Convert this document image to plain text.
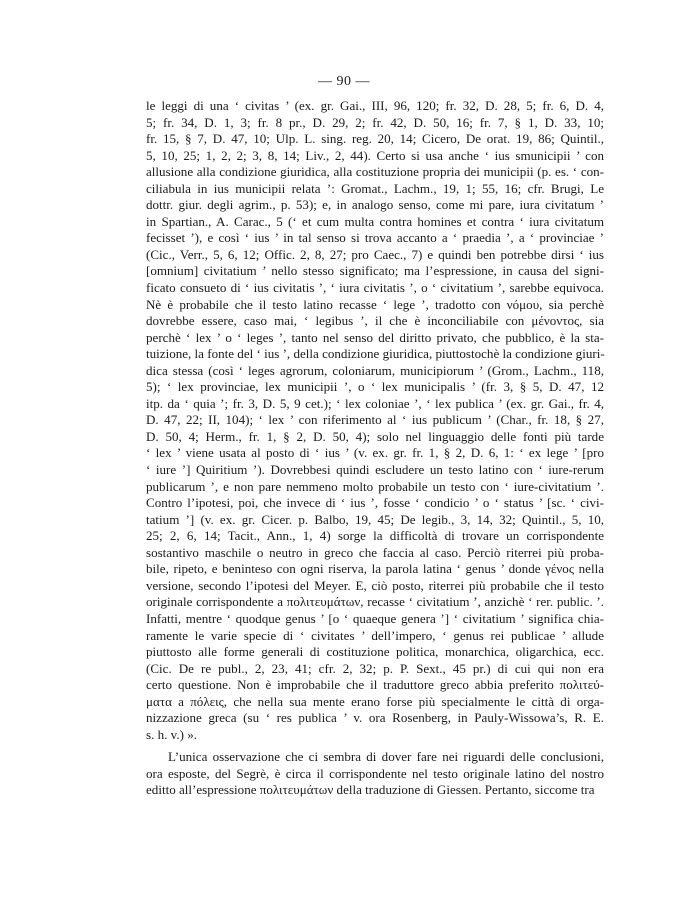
— 90 —
le leggi di una ‘ civitas ’ (ex. gr. Gai., III, 96, 120; fr. 32, D. 28, 5; fr. 6, D. 4,
5; fr. 34, D. 1, 3; fr. 8 pr., D. 29, 2; fr. 42, D. 50, 16; fr. 7, § 1, D. 33, 10;
fr. 15, § 7, D. 47, 10; Ulp. L. sing. reg. 20, 14; Cicero, De orat. 19, 86; Quintil.,
5, 10, 25; 1, 2, 2; 3, 8, 14; Liv., 2, 44). Certo si usa anche ‘ ius smunicipii ’ con
allusione alla condizione giuridica, alla costituzione propria dei municipii (p. es. ‘ con-
ciliabula in ius municipii relata ’: Gromat., Lachm., 19, 1; 55, 16; cfr. Brugi, Le
dottr. giur. degli agrim., p. 53); e, in analogo senso, come mi pare, iura civitatum ’
in Spartian., A. Carac., 5 (‘ et cum multa contra homines et contra ‘ iura civitatum
fecisset ’), e così ‘ ius ’ in tal senso si trova accanto a ‘ praedia ’, a ‘ provinciae ’
(Cic., Verr., 5, 6, 12; Offic. 2, 8, 27; pro Caec., 7) e quindi ben potrebbe dirsi ‘ ius
[omnium] civitatium ’ nello stesso significato; ma l’espressione, in causa del signi-
ficato consueto di ‘ ius civitatis ’, ‘ iura civitatis ’, o ‘ civitatium ’, sarebbe equivoca.
Nè è probabile che il testo latino recasse ‘ lege ’, tradotto con νόμου, sia perchè
dovrebbe essere, caso mai, ‘ legibus ’, il che è inconciliabile con μένοντος, sia
perchè ‘ lex ’ o ‘ leges ’, tanto nel senso del diritto privato, che pubblico, è la sta-
tuizione, la fonte del ‘ ius ’, della condizione giuridica, piuttostochè la condizione giuri-
dica stessa (così ‘ leges agrorum, coloniarum, municipiorum ’ (Grom., Lachm., 118,
5); ‘ lex provinciae, lex municipii ’, o ‘ lex municipalis ’ (fr. 3, § 5, D. 47, 12
itp. da ‘ quia ’; fr. 3, D. 5, 9 cet.); ‘ lex coloniae ’, ‘ lex publica ’ (ex. gr. Gai., fr. 4,
D. 47, 22; II, 104); ‘ lex ’ con riferimento al ‘ ius publicum ’ (Char., fr. 18, § 27,
D. 50, 4; Herm., fr. 1, § 2, D. 50, 4); solo nel linguaggio delle fonti più tarde
‘ lex ’ viene usata al posto di ‘ ius ’ (v. ex. gr. fr. 1, § 2, D. 6, 1: ‘ ex lege ’ [pro
‘ iure ’] Quiritium ’). Dovrebbesi quindi escludere un testo latino con ‘ iure-rerum
publicarum ’, e non pare nemmeno molto probabile un testo con ‘ iure-civitatium ’.
Contro l’ipotesi, poi, che invece di ‘ ius ’, fosse ‘ condicio ’ o ‘ status ’ [sc. ‘ civi-
tatium ’] (v. ex. gr. Cicer. p. Balbo, 19, 45; De legib., 3, 14, 32; Quintil., 5, 10,
25; 2, 6, 14; Tacit., Ann., 1, 4) sorge la difficoltà di trovare un corrispondente
sostantivo maschile o neutro in greco che faccia al caso. Perciò riterrei più proba-
bile, ripeto, e beninteso con ogni riserva, la parola latina ‘ genus ’ donde γένος nella
versione, secondo l’ipotesi del Meyer. E, ciò posto, riterrei più probabile che il testo
originale corrispondente a πολιτευμάτων, recasse ‘ civitatium ’, anzichè ‘ rer. public. ’.
Infatti, mentre ‘ quodque genus ’ [o ‘ quaeque genera ’] ‘ civitatium ’ significa chia-
ramente le varie specie di ‘ civitates ’ dell’impero, ‘ genus rei publicae ’ allude
piuttosto alle forme generali di costituzione politica, monarchica, oligarchica, ecc.
(Cic. De re publ., 2, 23, 41; cfr. 2, 32; p. P. Sext., 45 pr.) di cui qui non era
certo questione. Non è improbabile che il traduttore greco abbia preferito πολιτεύ-
ματα a πόλεις, che nella sua mente erano forse più specialmente le città di orga-
nizzazione greca (su ‘ res publica ’ v. ora Rosenberg, in Pauly-Wissowa’s, R. E.
s. h. v.) ».
L’unica osservazione che ci sembra di dover fare nei riguardi delle conclusioni,
ora esposte, del Segrè, è circa il corrispondente nel testo originale latino del nostro
editto all’espressione πολιτευμάτων della traduzione di Giessen. Pertanto, siccome tra
